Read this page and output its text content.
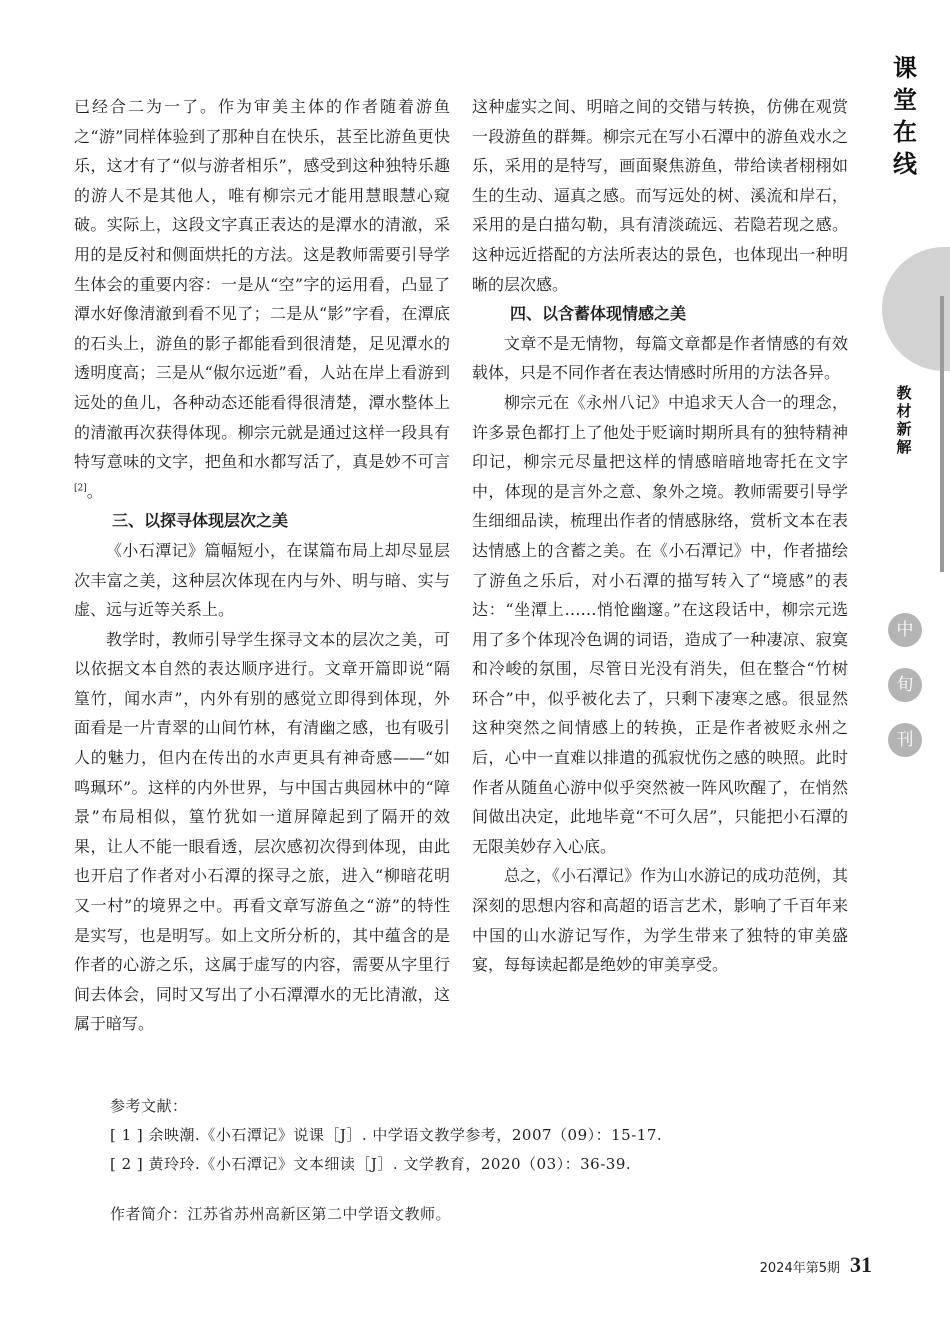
已经合二为一了。作为审美主体的作者随着游鱼之“游”同样体验到了那种自在快乐，甚至比游鱼更快乐，这才有了“似与游者相乐”，感受到这种独特乐趣的游人不是其他人，唯有柳宗元才能用慧眼慧心窥破。实际上，这段文字真正表达的是潭水的清澈，采用的是反衬和侧面烘托的方法。这是教师需要引导学生体会的重要内容：一是从“空”字的运用看，凸显了潭水好像清澈到看不见了；二是从“影”字看，在潭底的石头上，游鱼的影子都能看到很清楚，足见潭水的透明度高；三是从“俶尔远逝”看，人站在岸上看游到远处的鱼儿，各种动态还能看得很清楚，潭水整体上的清澈再次获得体现。柳宗元就是通过这样一段具有特写意味的文字，把鱼和水都写活了，真是妙不可言[2]。

三、以探寻体现层次之美

《小石潭记》篇幅短小，在谋篇布局上却尽显层次丰富之美，这种层次体现在内与外、明与暗、实与虚、远与近等关系上。

教学时，教师引导学生探寻文本的层次之美，可以依据文本自然的表达顺序进行。文章开篇即说“隔篁竹，闻水声”，内外有别的感觉立即得到体现，外面看是一片青翠的山间竹林，有清幽之感，也有吸引人的魅力，但内在传出的水声更具有神奇感——“如鸣珮环”。这样的内外世界，与中国古典园林中的“障景”布局相似，篁竹犹如一道屏障起到了隔开的效果，让人不能一眼看透，层次感初次得到体现，由此也开启了作者对小石潭的探寻之旅，进入“柳暗花明又一村”的境界之中。再看文章写游鱼之“游”的特性是实写，也是明写。如上文所分析的，其中蕴含的是作者的心游之乐，这属于虚写的内容，需要从字里行间去体会，同时又写出了小石潭潭水的无比清澈，这属于暗写。

这种虚实之间、明暗之间的交错与转换，仿佛在观赏一段游鱼的群舞。柳宗元在写小石潭中的游鱼戏水之乐，采用的是特写，画面聚焦游鱼，带给读者栩栩如生的生动、逼真之感。而写远处的树、溪流和岸石，采用的是白描勾勒，具有清淡疏远、若隐若现之感。这种远近搭配的方法所表达的景色，也体现出一种明晰的层次感。

四、以含蓄体现情感之美

文章不是无情物，每篇文章都是作者情感的有效载体，只是不同作者在表达情感时所用的方法各异。

柳宗元在《永州八记》中追求天人合一的理念，许多景色都打上了他处于贬谪时期所具有的独特精神印记，柳宗元尽量把这样的情感暗暗地寄托在文字中，体现的是言外之意、象外之境。教师需要引导学生细细品读，梳理出作者的情感脉络，赏析文本在表达情感上的含蓄之美。在《小石潭记》中，作者描绘了游鱼之乐后，对小石潭的描写转入了“境感”的表达：“坐潭上……悄怆幽邃。”在这段话中，柳宗元选用了多个体现冷色调的词语，造成了一种凄凉、寂寞和冷峻的氛围，尽管日光没有消失，但在整合“竹树环合”中，似乎被化去了，只剩下凄寒之感。很显然这种突然之间情感上的转换，正是作者被贬永州之后，心中一直难以排遣的孤寂忧伤之感的映照。此时作者从随鱼心游中似乎突然被一阵风吹醒了，在悄然间做出决定，此地毕竟“不可久居”，只能把小石潭的无限美妙存入心底。

总之，《小石潭记》作为山水游记的成功范例，其深刻的思想内容和高超的语言艺术，影响了千百年来中国的山水游记写作，为学生带来了独特的审美盛宴，每每读起都是绝妙的审美享受。

参考文献：
[ 1 ] 余映潮.《小石潭记》说课［J］. 中学语文教学参考，2007（09）：15-17.
[ 2 ] 黄玲玲.《小石潭记》文本细读［J］. 文学教育，2020（03）：36-39.
作者简介：江苏省苏州高新区第二中学语文教师。
2024年第5期 31
课
堂
在
线
教
材
新
解
中
旬
刊
